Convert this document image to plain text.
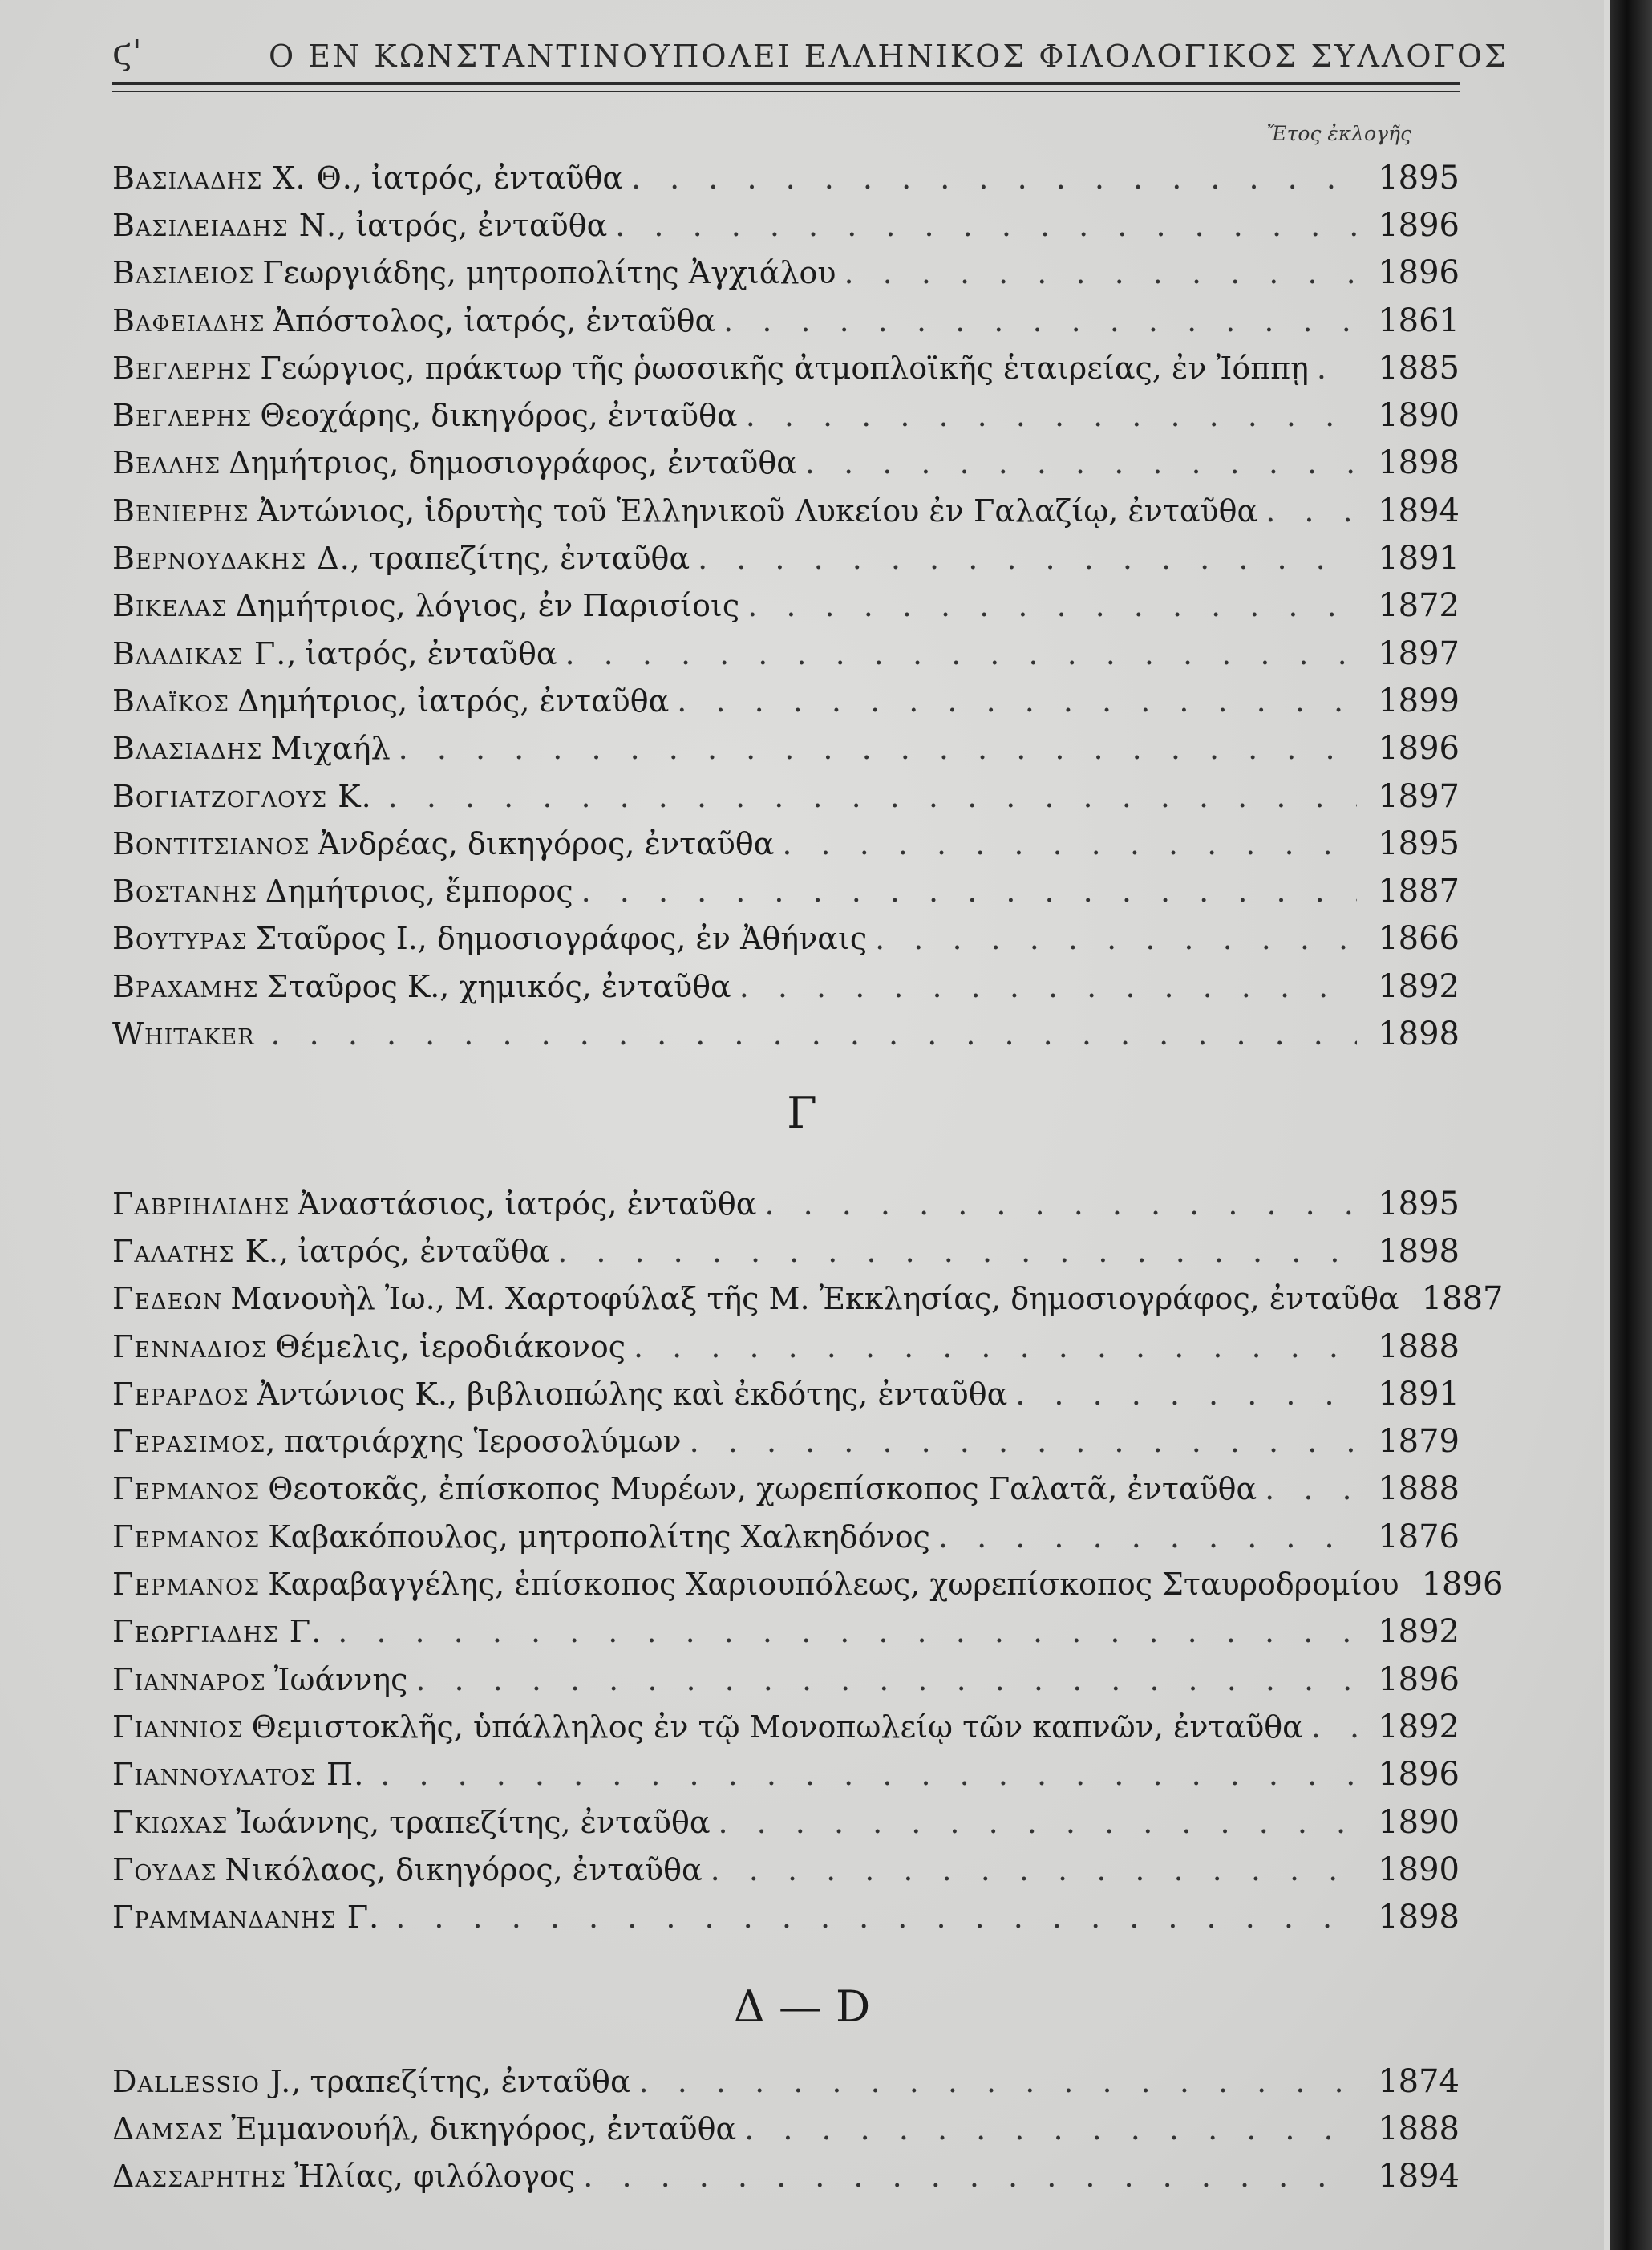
ϛ'	Ο ΕΝ ΚΩΝΣΤΑΝΤΙΝΟΥΠΟΛΕΙ ΕΛΛΗΝΙΚΟΣ ΦΙΛΟΛΟΓΙΚΟΣ ΣΥΛΛΟΓΟΣ
Ἔτος ἐκλογῆς
Βασιλαδης Χ. Θ., ἰατρός, ἐνταῦθα . . .	1895
Βασιλειαδης Ν., ἰατρός, ἐνταῦθα . . .	1896
Βασιλειος Γεωργιάδης, μητροπολίτης Ἀγχιάλου . . .	1896
Βαφειαδης Ἀπόστολος, ἰατρός, ἐνταῦθα . . .	1861
Βεγλερης Γεώργιος, πράκτωρ τῆς ῥωσσικῆς ἀτμοπλοϊκῆς ἑταιρείας, ἐν Ἰόππῃ . . . 1885
Βεγλερης Θεοχάρης, δικηγόρος, ἐνταῦθα . . .	1890
Βελλης Δημήτριος, δημοσιογράφος, ἐνταῦθα . . .	1898
Βενιερης Ἀντώνιος, ἱδρυτὴς τοῦ Ἑλληνικοῦ Λυκείου ἐν Γαλαζίῳ, ἐνταῦθα . . .	1894
Βερνουδακης Δ., τραπεζίτης, ἐνταῦθα . . .	1891
Βικελας Δημήτριος, λόγιος, ἐν Παρισίοις . . .	1872
Βλαδικας Γ., ἰατρός, ἐνταῦθα . . .	1897
Βλαϊκος Δημήτριος, ἰατρός, ἐνταῦθα . . .	1899
Βλασιαδης Μιχαήλ . . .	1896
Βογιατζογλους Κ. . . .	1897
Βοντιτσιανος Ἀνδρέας, δικηγόρος, ἐνταῦθα . . .	1895
Βοστανης Δημήτριος, ἔμπορος . . .	1887
Βουτυρας Σταῦρος Ι., δημοσιογράφος, ἐν Ἀθήναις . . .	1866
Βραχαμης Σταῦρος Κ., χημικός, ἐνταῦθα . . .	1892
Whitaker . . .	1898
Γ
Γαβριηλιδης Ἀναστάσιος, ἰατρός, ἐνταῦθα . . .	1895
Γαλατης Κ., ἰατρός, ἐνταῦθα . . .	1898
Γεδεων Μανουὴλ Ἰω., Μ. Χαρτοφύλαξ τῆς Μ. Ἐκκλησίας, δημοσιογράφος, ἐνταῦθα 1887
Γενναδιος Θέμελις, ἱεροδιάκονος . . .	1888
Γεραρδος Ἀντώνιος Κ., βιβλιοπώλης καὶ ἐκδότης, ἐνταῦθα . . .	1891
Γερασιμος, πατριάρχης Ἱεροσολύμων . . .	1879
Γερμανος Θεοτοκᾶς, ἐπίσκοπος Μυρέων, χωρεπίσκοπος Γαλατᾶ, ἐνταῦθα . . .	1888
Γερμανος Καβακόπουλος, μητροπολίτης Χαλκηδόνος . . .	1876
Γερμανος Καραβαγγέλης, ἐπίσκοπος Χαριουπόλεως, χωρεπίσκοπος Σταυροδρομίου 1896
Γεωργιαδης Γ. . . .	1892
Γιανναρος Ἰωάννης . . .	1896
Γιαννιος Θεμιστοκλῆς, ὑπάλληλος ἐν τῷ Μονοπωλείῳ τῶν καπνῶν, ἐνταῦθα . . . 1892
Γιαννουλατος Π. . . .	1896
Γκιωχας Ἰωάννης, τραπεζίτης, ἐνταῦθα . . .	1890
Γουδας Νικόλαος, δικηγόρος, ἐνταῦθα . . .	1890
Γραμμανδανης Γ. . . .	1898
Δ — D
Dallessio J., τραπεζίτης, ἐνταῦθα . . .	1874
Δαμσας Ἐμμανουήλ, δικηγόρος, ἐνταῦθα . . .	1888
Δασσαρητης Ἠλίας, φιλόλογος . . .	1894
